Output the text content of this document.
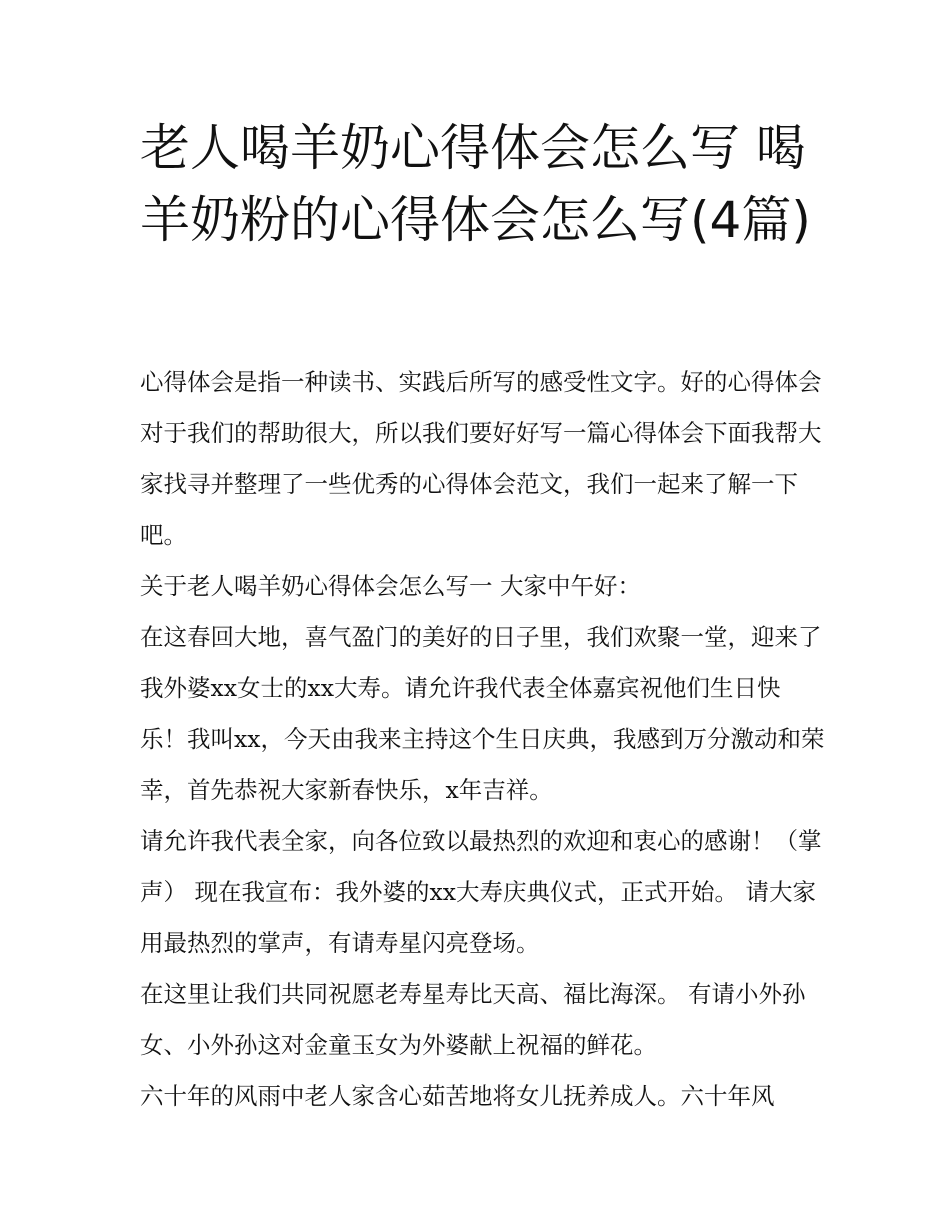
老人喝羊奶心得体会怎么写 喝羊奶粉的心得体会怎么写(4篇)

心得体会是指一种读书、实践后所写的感受性文字。好的心得体会对于我们的帮助很大，所以我们要好好写一篇心得体会下面我帮大家找寻并整理了一些优秀的心得体会范文，我们一起来了解一下吧。

关于老人喝羊奶心得体会怎么写一 大家中午好：

在这春回大地，喜气盈门的美好的日子里，我们欢聚一堂，迎来了我外婆xx女士的xx大寿。请允许我代表全体嘉宾祝他们生日快乐！我叫xx，今天由我来主持这个生日庆典，我感到万分激动和荣幸，首先恭祝大家新春快乐，x年吉祥。

请允许我代表全家，向各位致以最热烈的欢迎和衷心的感谢！（掌声） 现在我宣布：我外婆的xx大寿庆典仪式，正式开始。 请大家用最热烈的掌声，有请寿星闪亮登场。

在这里让我们共同祝愿老寿星寿比天高、福比海深。 有请小外孙女、小外孙这对金童玉女为外婆献上祝福的鲜花。

六十年的风雨中老人家含心茹苦地将女儿抚养成人。六十年风
